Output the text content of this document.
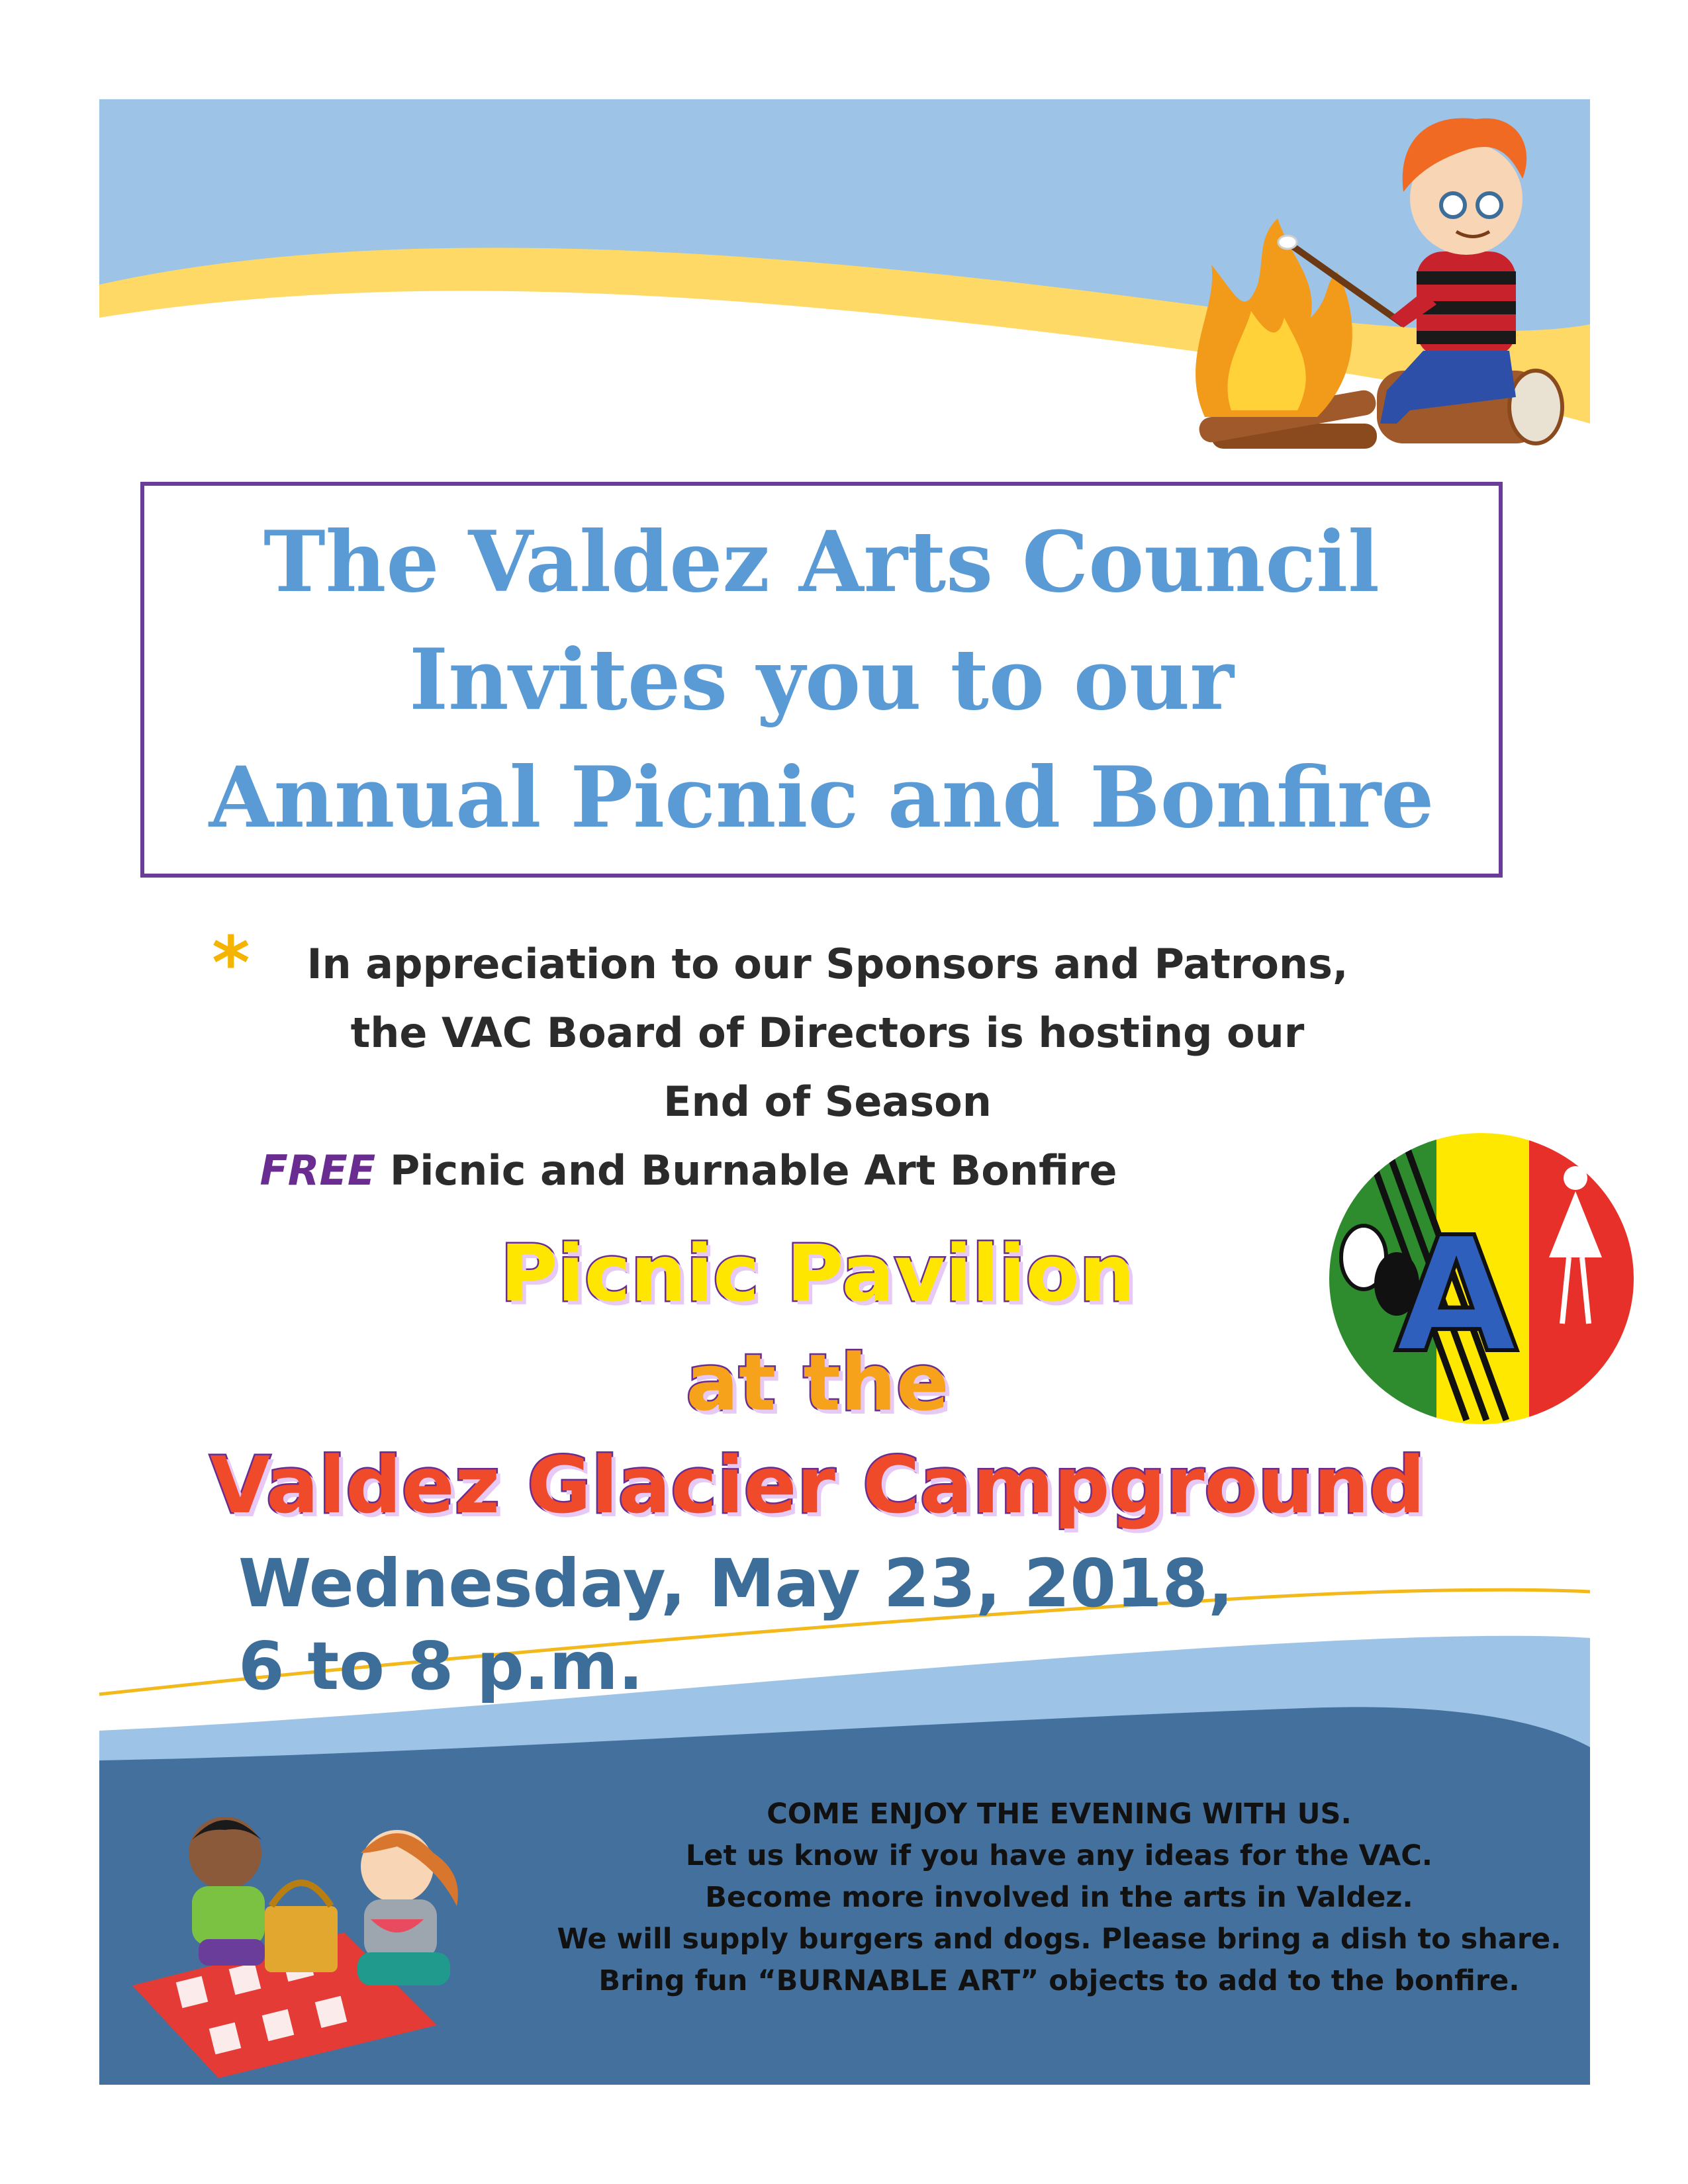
A
The Valdez Arts Council
Invites you to our
Annual Picnic and Bonfire
*	In appreciation to our Sponsors and Patrons,
the VAC Board of Directors is hosting our
End of Season
FREE Picnic and Burnable Art Bonfire
Picnic Pavilion
at the
Valdez Glacier Campground
Wednesday, May 23, 2018,
6 to 8 p.m.
COME ENJOY THE EVENING WITH US.
Let us know if you have any ideas for the VAC.
Become more involved in the arts in Valdez.
We will supply burgers and dogs. Please bring a dish to share.
Bring fun “BURNABLE ART” objects to add to the bonfire.
